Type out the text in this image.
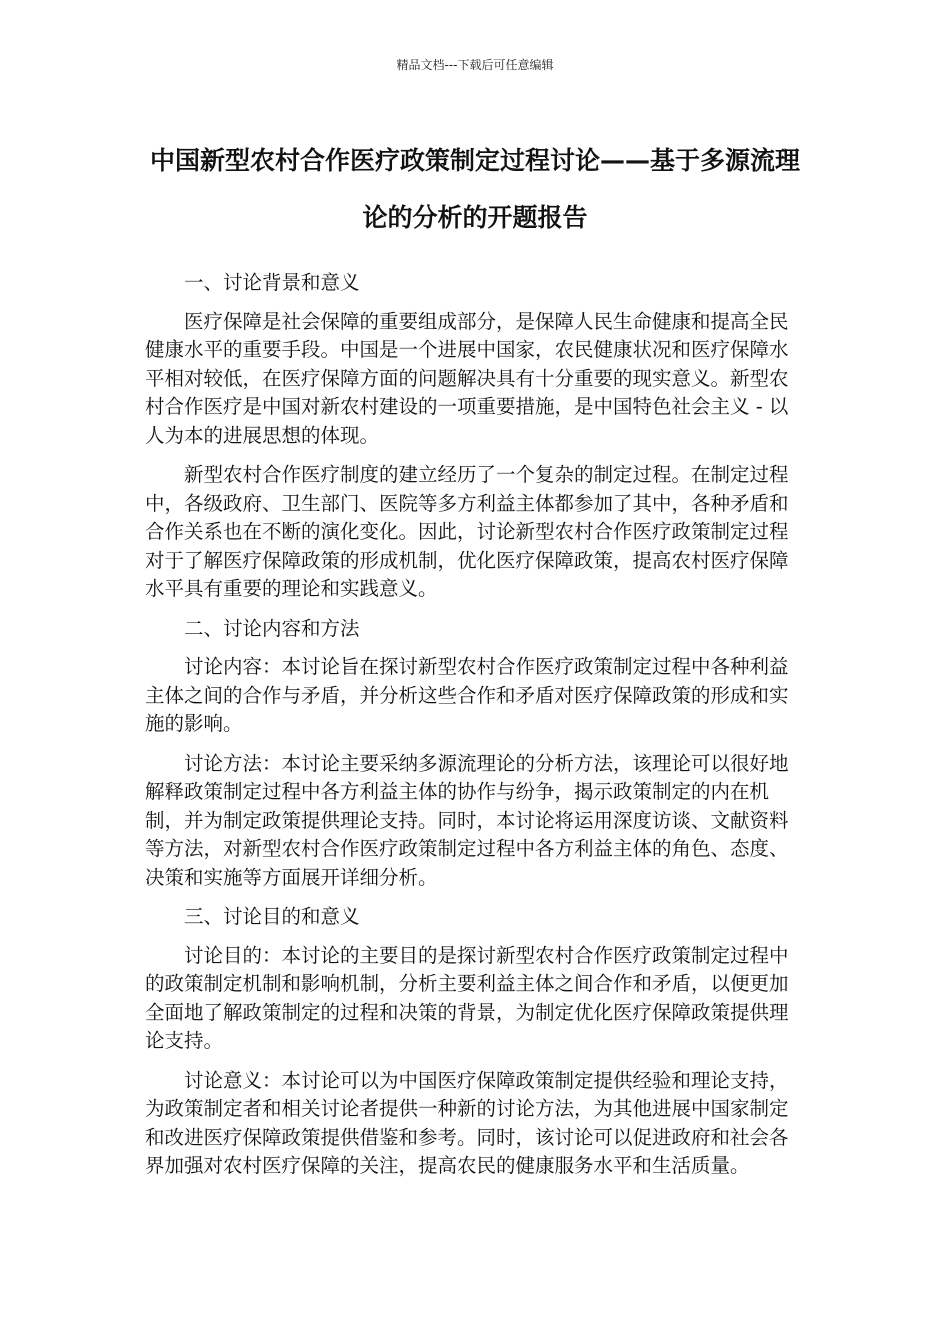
精品文档---下载后可任意编辑
中国新型农村合作医疗政策制定过程讨论——基于多源流理论的分析的开题报告

一、讨论背景和意义

医疗保障是社会保障的重要组成部分，是保障人民生命健康和提高全民健康水平的重要手段。中国是一个进展中国家，农民健康状况和医疗保障水平相对较低，在医疗保障方面的问题解决具有十分重要的现实意义。新型农村合作医疗是中国对新农村建设的一项重要措施，是中国特色社会主义 - 以人为本的进展思想的体现。

新型农村合作医疗制度的建立经历了一个复杂的制定过程。在制定过程中，各级政府、卫生部门、医院等多方利益主体都参加了其中，各种矛盾和合作关系也在不断的演化变化。因此，讨论新型农村合作医疗政策制定过程对于了解医疗保障政策的形成机制，优化医疗保障政策，提高农村医疗保障水平具有重要的理论和实践意义。

二、讨论内容和方法

讨论内容：本讨论旨在探讨新型农村合作医疗政策制定过程中各种利益主体之间的合作与矛盾，并分析这些合作和矛盾对医疗保障政策的形成和实施的影响。

讨论方法：本讨论主要采纳多源流理论的分析方法，该理论可以很好地解释政策制定过程中各方利益主体的协作与纷争，揭示政策制定的内在机制，并为制定政策提供理论支持。同时，本讨论将运用深度访谈、文献资料等方法，对新型农村合作医疗政策制定过程中各方利益主体的角色、态度、决策和实施等方面展开详细分析。

三、讨论目的和意义

讨论目的：本讨论的主要目的是探讨新型农村合作医疗政策制定过程中的政策制定机制和影响机制，分析主要利益主体之间合作和矛盾，以便更加全面地了解政策制定的过程和决策的背景，为制定优化医疗保障政策提供理论支持。

讨论意义：本讨论可以为中国医疗保障政策制定提供经验和理论支持，为政策制定者和相关讨论者提供一种新的讨论方法，为其他进展中国家制定和改进医疗保障政策提供借鉴和参考。同时，该讨论可以促进政府和社会各界加强对农村医疗保障的关注，提高农民的健康服务水平和生活质量。
